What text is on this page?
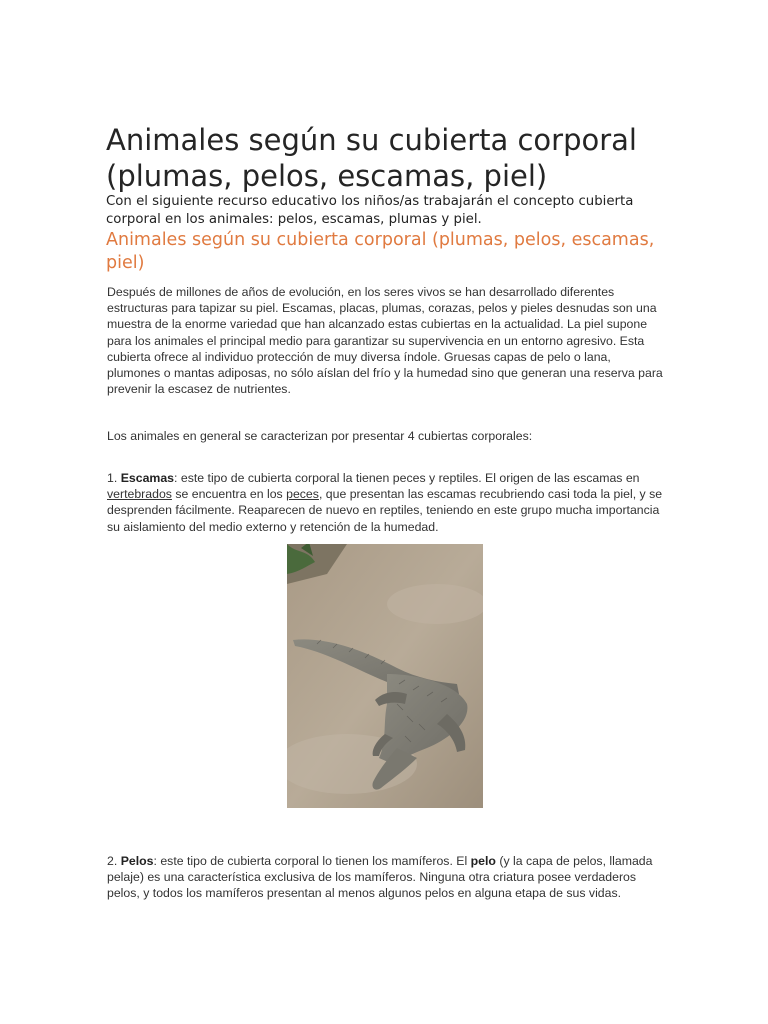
Animales según su cubierta corporal (plumas, pelos, escamas, piel)

Con el siguiente recurso educativo los niños/as trabajarán el concepto cubierta corporal en los animales: pelos, escamas, plumas y piel.

Animales según su cubierta corporal (plumas, pelos, escamas, piel)

Después de millones de años de evolución, en los seres vivos se han desarrollado diferentes estructuras para tapizar su piel. Escamas, placas, plumas, corazas, pelos y pieles desnudas son una muestra de la enorme variedad que han alcanzado estas cubiertas en la actualidad. La piel supone para los animales el principal medio para garantizar su supervivencia en un entorno agresivo. Esta cubierta ofrece al individuo protección de muy diversa índole. Gruesas capas de pelo o lana, plumones o mantas adiposas, no sólo aíslan del frío y la humedad sino que generan una reserva para prevenir la escasez de nutrientes.

Los animales en general se caracterizan por presentar 4 cubiertas corporales:

1. Escamas: este tipo de cubierta corporal la tienen peces y reptiles. El origen de las escamas en vertebrados se encuentra en los peces, que presentan las escamas recubriendo casi toda la piel, y se desprenden fácilmente. Reaparecen de nuevo en reptiles, teniendo en este grupo mucha importancia su aislamiento del medio externo y retención de la humedad.

2. Pelos: este tipo de cubierta corporal lo tienen los mamíferos. El pelo (y la capa de pelos, llamada pelaje) es una característica exclusiva de los mamíferos. Ninguna otra criatura posee verdaderos pelos, y todos los mamíferos presentan al menos algunos pelos en alguna etapa de sus vidas.
